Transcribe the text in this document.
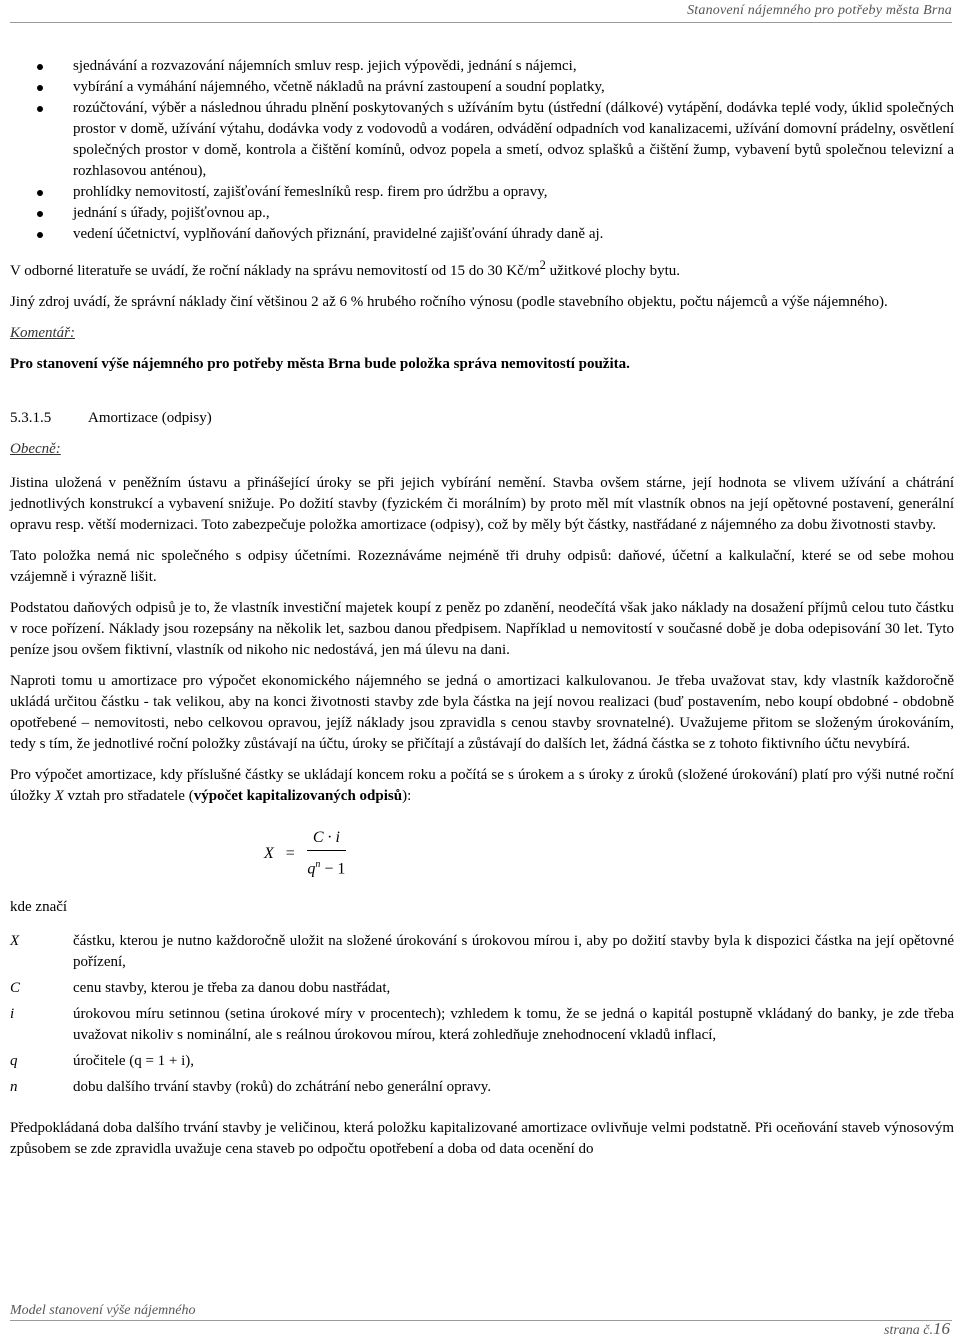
Stanovení nájemného pro potřeby města Brna
sjednávání a rozvazování nájemních smluv resp. jejich výpovědi, jednání s nájemci,
vybírání a vymáhání nájemného, včetně nákladů na právní zastoupení a soudní poplatky,
rozúčtování, výběr a následnou úhradu plnění poskytovaných s užíváním bytu (ústřední (dálkové) vytápění, dodávka teplé vody, úklid společných prostor v domě, užívání výtahu, dodávka vody z vodovodů a vodáren, odvádění odpadních vod kanalizacemi, užívání domovní prádelny, osvětlení společných prostor v domě, kontrola a čištění komínů, odvoz popela a smetí, odvoz splašků a čištění žump, vybavení bytů společnou televizní a rozhlasovou anténou),
prohlídky nemovitostí, zajišťování řemeslníků resp. firem pro údržbu a opravy,
jednání s úřady, pojišťovnou ap.,
vedení účetnictví, vyplňování daňových přiznání, pravidelné zajišťování úhrady daně aj.

V odborné literatuře se uvádí, že roční náklady na správu nemovitostí od 15 do 30 $Kč/m^2$ užitkové plochy bytu.

Jiný zdroj uvádí, že správní náklady činí většinou 2 až 6 % hrubého ročního výnosu (podle stavebního objektu, počtu nájemců a výše nájemného).

Komentář:

Pro stanovení výše nájemného pro potřeby města Brna bude položka správa nemovitostí použita.

5.3.1.5	Amortizace (odpisy)

Obecně:

Jistina uložená v peněžním ústavu a přinášející úroky se při jejich vybírání nemění. Stavba ovšem stárne, její hodnota se vlivem užívání a chátrání jednotlivých konstrukcí a vybavení snižuje. Po dožití stavby (fyzickém či morálním) by proto měl mít vlastník obnos na její opětovné postavení, generální opravu resp. větší modernizaci. Toto zabezpečuje položka amortizace (odpisy), což by měly být částky, nastřádané z nájemného za dobu životnosti stavby.

Tato položka nemá nic společného s odpisy účetními. Rozeznáváme nejméně tři druhy odpisů: daňové, účetní a kalkulační, které se od sebe mohou vzájemně i výrazně lišit.

Podstatou daňových odpisů je to, že vlastník investiční majetek koupí z peněz po zdanění, neodečítá však jako náklady na dosažení příjmů celou tuto částku v roce pořízení. Náklady jsou rozepsány na několik let, sazbou danou předpisem. Například u nemovitostí v současné době je doba odepisování 30 let. Tyto peníze jsou ovšem fiktivní, vlastník od nikoho nic nedostává, jen má úlevu na dani.

Naproti tomu u amortizace pro výpočet ekonomického nájemného se jedná o amortizaci kalkulovanou. Je třeba uvažovat stav, kdy vlastník každoročně ukládá určitou částku - tak velikou, aby na konci životnosti stavby zde byla částka na její novou realizaci (buď postavením, nebo koupí obdobné - obdobně opotřebené – nemovitosti, nebo celkovou opravou, jejíž náklady jsou zpravidla s cenou stavby srovnatelné). Uvažujeme přitom se složeným úrokováním, tedy s tím, že jednotlivé roční položky zůstávají na účtu, úroky se přičítají a zůstávají do dalších let, žádná částka se z tohoto fiktivního účtu nevybírá.

Pro výpočet amortizace, kdy příslušné částky se ukládají koncem roku a počítá se s úrokem a s úroky z úroků (složené úrokování) platí pro výši nutné roční úložky X vztah pro střadatele (výpočet kapitalizovaných odpisů):

$X = \frac{C \cdot i}{q^n - 1}$

kde značí

X	částku, kterou je nutno každoročně uložit na složené úrokování s úrokovou mírou i, aby po dožití stavby byla k dispozici částka na její opětovné pořízení,
C	cenu stavby, kterou je třeba za danou dobu nastřádat,
i	úrokovou míru setinnou (setina úrokové míry v procentech); vzhledem k tomu, že se jedná o kapitál postupně vkládaný do banky, je zde třeba uvažovat nikoliv s nominální, ale s reálnou úrokovou mírou, která zohledňuje znehodnocení vkladů inflací,
q	úročitele (q = 1 + i),
n	dobu dalšího trvání stavby (roků) do zchátrání nebo generální opravy.

Předpokládaná doba dalšího trvání stavby je veličinou, která položku kapitalizované amortizace ovlivňuje velmi podstatně. Při oceňování staveb výnosovým způsobem se zde zpravidla uvažuje cena staveb po odpočtu opotřebení a doba od data ocenění do

Model stanovení výše nájemného
strana č.16
